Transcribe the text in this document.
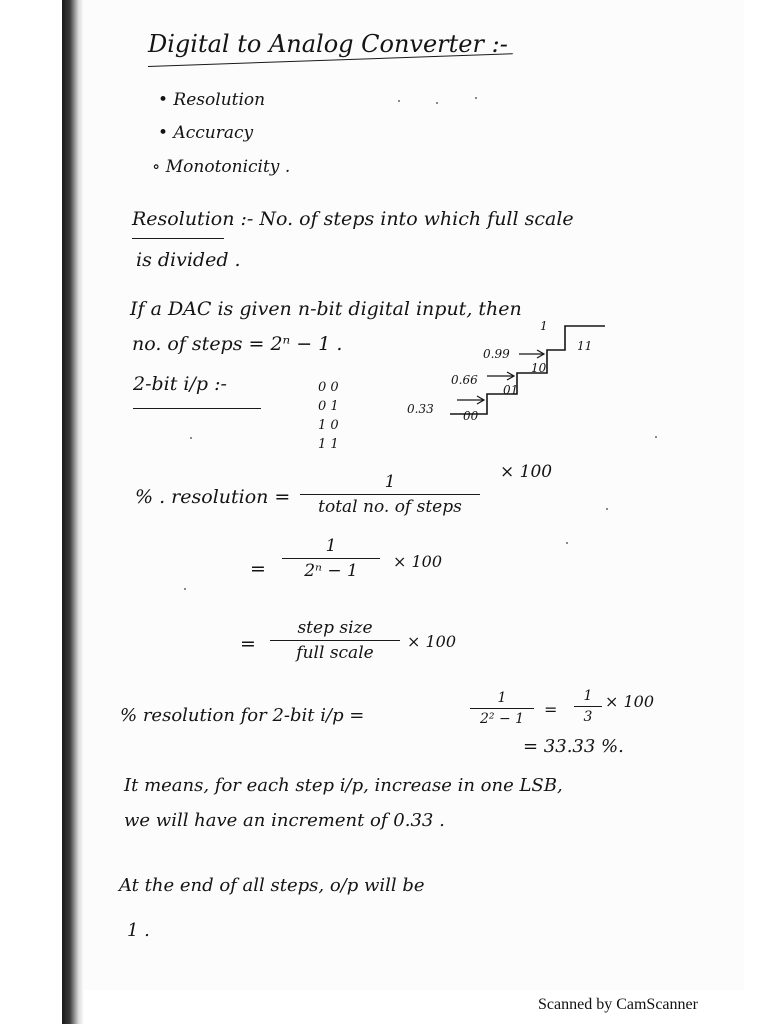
Digital to Analog Converter :-
• Resolution
• Accuracy
∘ Monotonicity .
Resolution :- No. of steps into which full scale
is divided .
If a DAC is given n-bit digital input, then
no. of steps = 2ⁿ − 1 .
2-bit i/p :-	0 0
0 1
1 0
1 1
0.33
0.66
0.99
1
00
01
10
11
% . resolution =
1
total no. of steps
× 100
=
1
2ⁿ − 1	× 100
=
step size
full scale
× 100
% resolution for 2-bit i/p =
1
2² − 1	=
1
3
× 100
= 33.33 %.
It means, for each step i/p, increase in one LSB,
we will have an increment of 0.33 .
At the end of all steps, o/p will be
1 .
Scanned by CamScanner
